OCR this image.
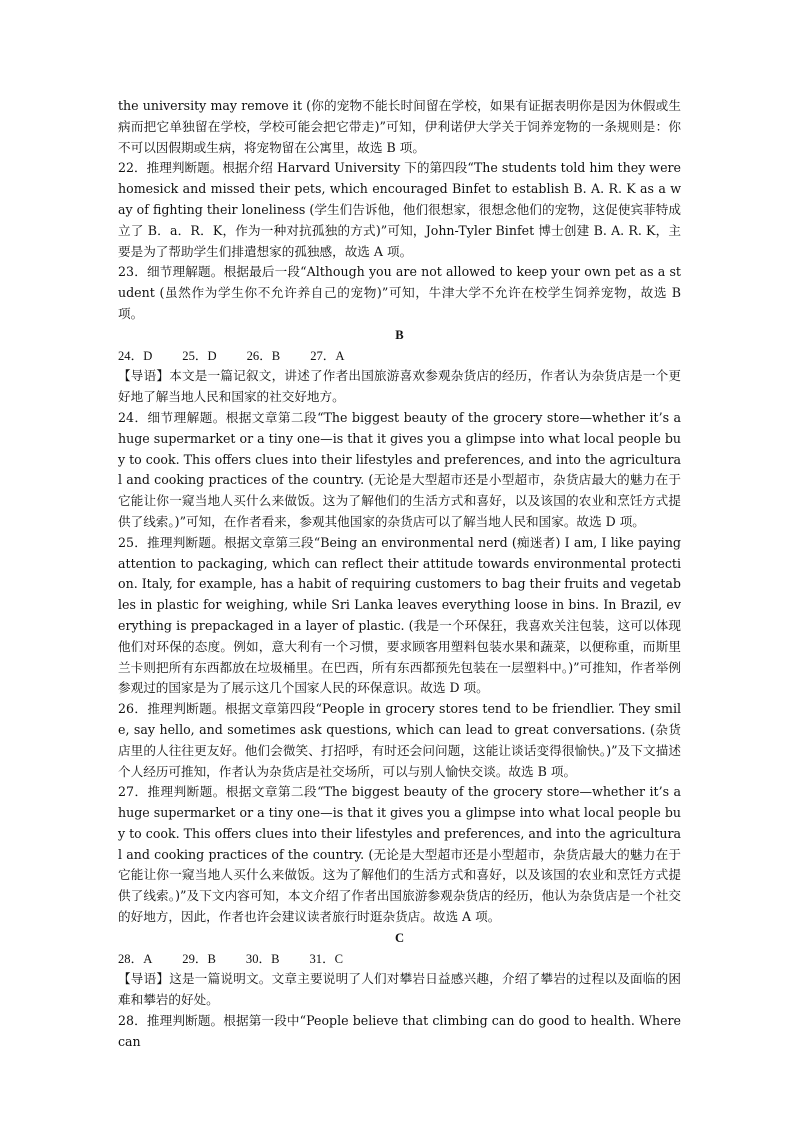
the university may remove it (你的宠物不能长时间留在学校，如果有证据表明你是因为休假或生病而把它单独留在学校，学校可能会把它带走)”可知，伊利诺伊大学关于饲养宠物的一条规则是：你不可以因假期或生病，将宠物留在公寓里，故选 B 项。

22．推理判断题。根据介绍 Harvard University 下的第四段“The students told him they were homesick and missed their pets, which encouraged Binfet to establish B. A. R. K as a way of fighting their loneliness (学生们告诉他，他们很想家，很想念他们的宠物，这促使宾菲特成立了 B．a．R．K，作为一种对抗孤独的方式)”可知，John-Tyler Binfet 博士创建 B. A. R. K，主要是为了帮助学生们排遣想家的孤独感，故选 A 项。

23．细节理解题。根据最后一段“Although you are not allowed to keep your own pet as a student (虽然作为学生你不允许养自己的宠物)”可知，牛津大学不允许在校学生饲养宠物，故选 B 项。

B

24．D 25．D 26．B 27．A

【导语】本文是一篇记叙文，讲述了作者出国旅游喜欢参观杂货店的经历，作者认为杂货店是一个更好地了解当地人民和国家的社交好地方。

24．细节理解题。根据文章第二段“The biggest beauty of the grocery store—whether it’s a huge supermarket or a tiny one—is that it gives you a glimpse into what local people buy to cook. This offers clues into their lifestyles and preferences, and into the agricultural and cooking practices of the country. (无论是大型超市还是小型超市，杂货店最大的魅力在于它能让你一窥当地人买什么来做饭。这为了解他们的生活方式和喜好，以及该国的农业和烹饪方式提供了线索。)”可知，在作者看来，参观其他国家的杂货店可以了解当地人民和国家。故选 D 项。

25．推理判断题。根据文章第三段“Being an environmental nerd (痴迷者) I am, I like paying attention to packaging, which can reflect their attitude towards environmental protection. Italy, for example, has a habit of requiring customers to bag their fruits and vegetables in plastic for weighing, while Sri Lanka leaves everything loose in bins. In Brazil, everything is prepackaged in a layer of plastic. (我是一个环保狂，我喜欢关注包装，这可以体现他们对环保的态度。例如，意大利有一个习惯，要求顾客用塑料包装水果和蔬菜，以便称重，而斯里兰卡则把所有东西都放在垃圾桶里。在巴西，所有东西都预先包装在一层塑料中。)”可推知，作者举例参观过的国家是为了展示这几个国家人民的环保意识。故选 D 项。

26．推理判断题。根据文章第四段“People in grocery stores tend to be friendlier. They smile, say hello, and sometimes ask questions, which can lead to great conversations. (杂货店里的人往往更友好。他们会微笑、打招呼，有时还会问问题，这能让谈话变得很愉快。)”及下文描述个人经历可推知，作者认为杂货店是社交场所，可以与别人愉快交谈。故选 B 项。

27．推理判断题。根据文章第二段“The biggest beauty of the grocery store—whether it’s a huge supermarket or a tiny one—is that it gives you a glimpse into what local people buy to cook. This offers clues into their lifestyles and preferences, and into the agricultural and cooking practices of the country. (无论是大型超市还是小型超市，杂货店最大的魅力在于它能让你一窥当地人买什么来做饭。这为了解他们的生活方式和喜好，以及该国的农业和烹饪方式提供了线索。)”及下文内容可知，本文介绍了作者出国旅游参观杂货店的经历，他认为杂货店是一个社交的好地方，因此，作者也许会建议读者旅行时逛杂货店。故选 A 项。

C

28．A 29．B 30．B 31．C

【导语】这是一篇说明文。文章主要说明了人们对攀岩日益感兴趣，介绍了攀岩的过程以及面临的困难和攀岩的好处。

28．推理判断题。根据第一段中“People believe that climbing can do good to health. Where can
